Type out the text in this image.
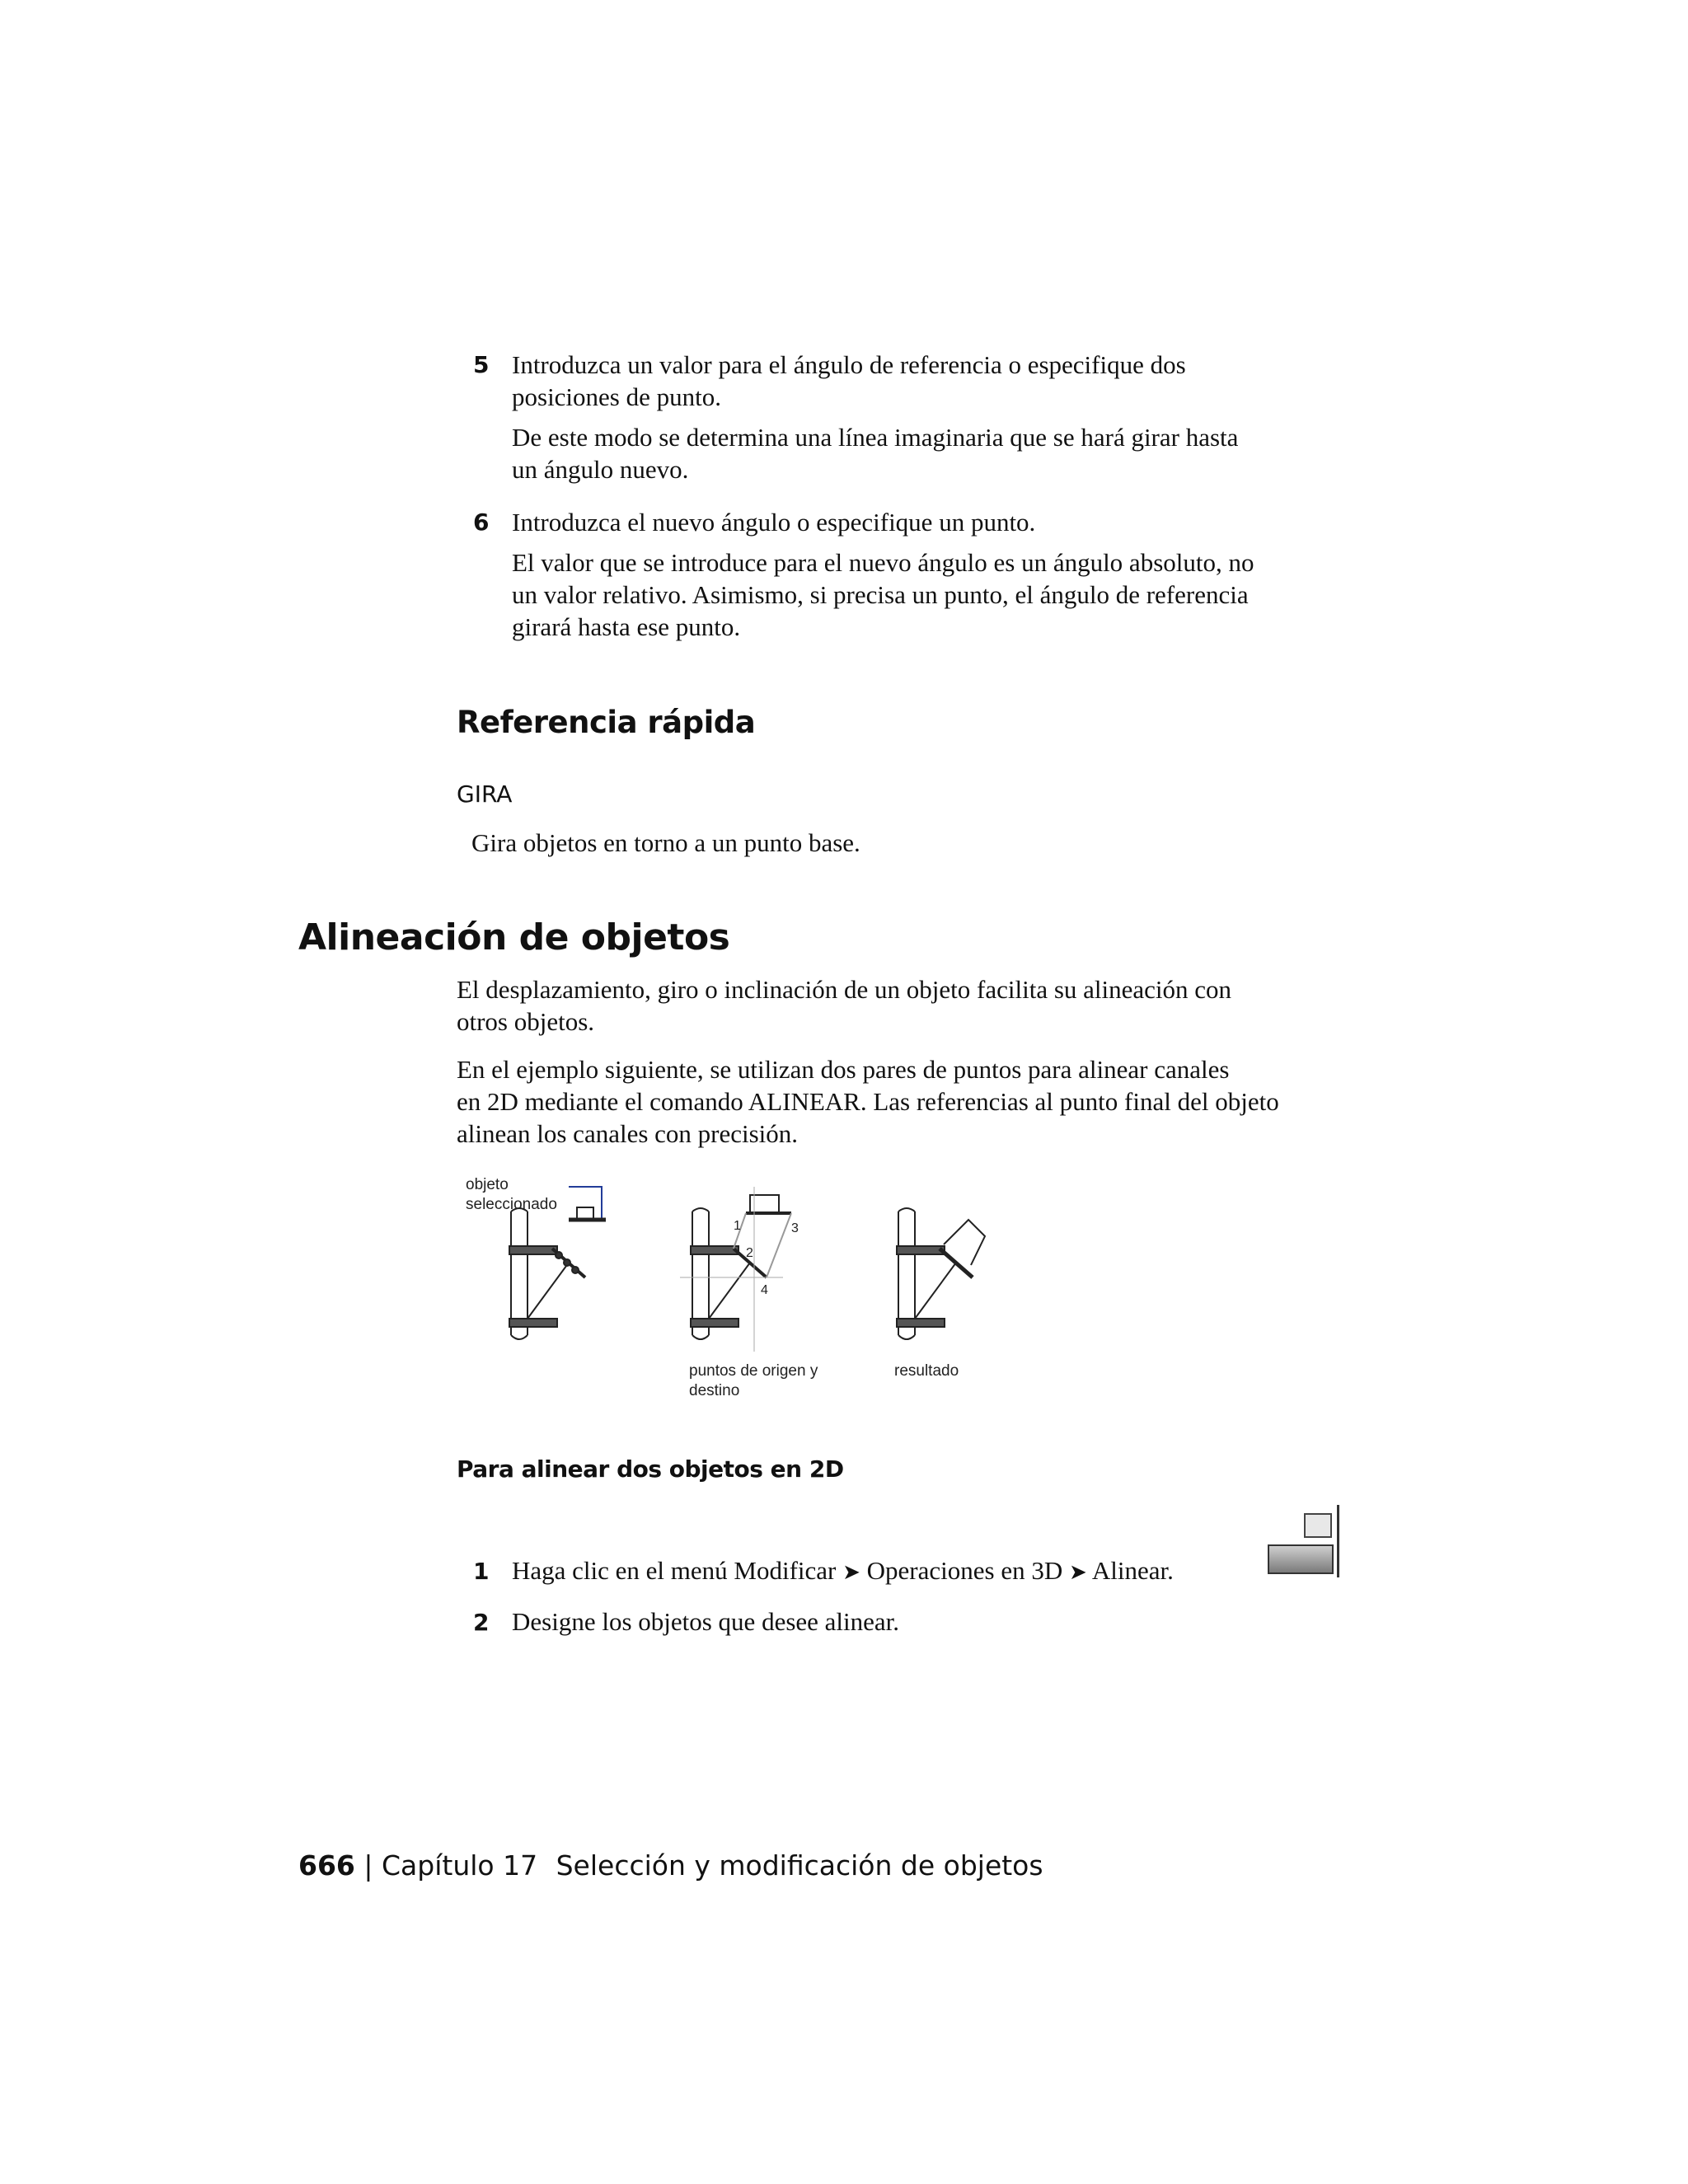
5 Introduzca un valor para el ángulo de referencia o especifique dos
posiciones de punto.
De este modo se determina una línea imaginaria que se hará girar hasta
un ángulo nuevo.
6 Introduzca el nuevo ángulo o especifique un punto.
El valor que se introduce para el nuevo ángulo es un ángulo absoluto, no
un valor relativo. Asimismo, si precisa un punto, el ángulo de referencia
girará hasta ese punto.
Referencia rápida
GIRA
Gira objetos en torno a un punto base.
Alineación de objetos
El desplazamiento, giro o inclinación de un objeto facilita su alineación con
otros objetos.
En el ejemplo siguiente, se utilizan dos pares de puntos para alinear canales
en 2D mediante el comando ALINEAR. Las referencias al punto final del objeto
alinean los canales con precisión.
objeto
seleccionado
1
2
3
4
puntos de origen y
destino
resultado
Para alinear dos objetos en 2D
1 Haga clic en el menú Modificar ➤ Operaciones en 3D ➤ Alinear.
2 Designe los objetos que desee alinear.
666 | Capítulo 17 Selección y modificación de objetos
